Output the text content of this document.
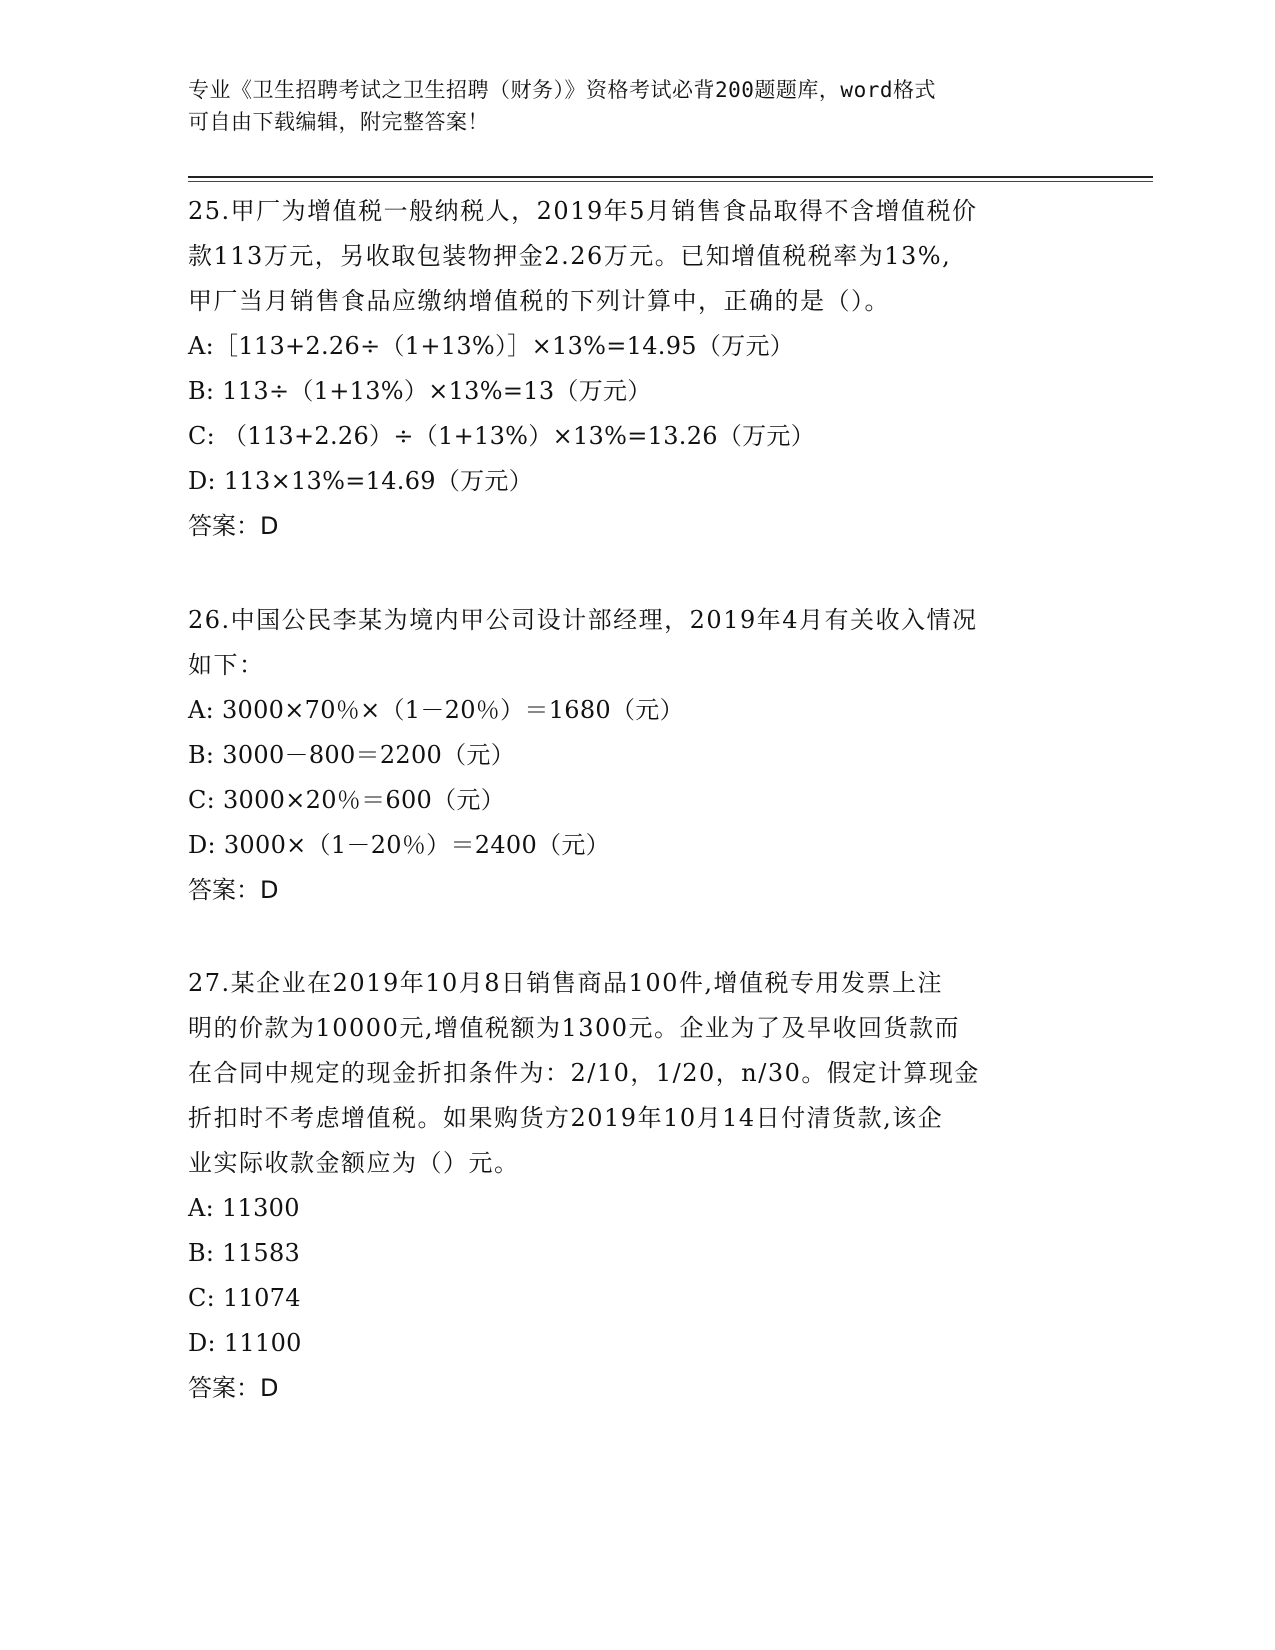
专业《卫生招聘考试之卫生招聘（财务）》资格考试必背200题题库，word格式
可自由下载编辑，附完整答案！
25.甲厂为增值税一般纳税人，2019年5月销售食品取得不含增值税价
款113万元，另收取包装物押金2.26万元。已知增值税税率为13%,
甲厂当月销售食品应缴纳增值税的下列计算中，正确的是（）。
A:［113+2.26÷（1+13%）］×13%=14.95（万元）
B: 113÷（1+13%）×13%=13（万元）
C: （113+2.26）÷（1+13%）×13%=13.26（万元）
D: 113×13%=14.69（万元）
答案：D
26.中国公民李某为境内甲公司设计部经理，2019年4月有关收入情况
如下：
A: 3000×70％×（1－20％）＝1680（元）
B: 3000－800＝2200（元）
C: 3000×20％＝600（元）
D: 3000×（1－20％）＝2400（元）
答案：D
27.某企业在2019年10月8日销售商品100件,增值税专用发票上注
明的价款为10000元,增值税额为1300元。企业为了及早收回货款而
在合同中规定的现金折扣条件为：2/10，1/20，n/30。假定计算现金
折扣时不考虑增值税。如果购货方2019年10月14日付清货款,该企
业实际收款金额应为（）元。
A: 11300
B: 11583
C: 11074
D: 11100
答案：D
